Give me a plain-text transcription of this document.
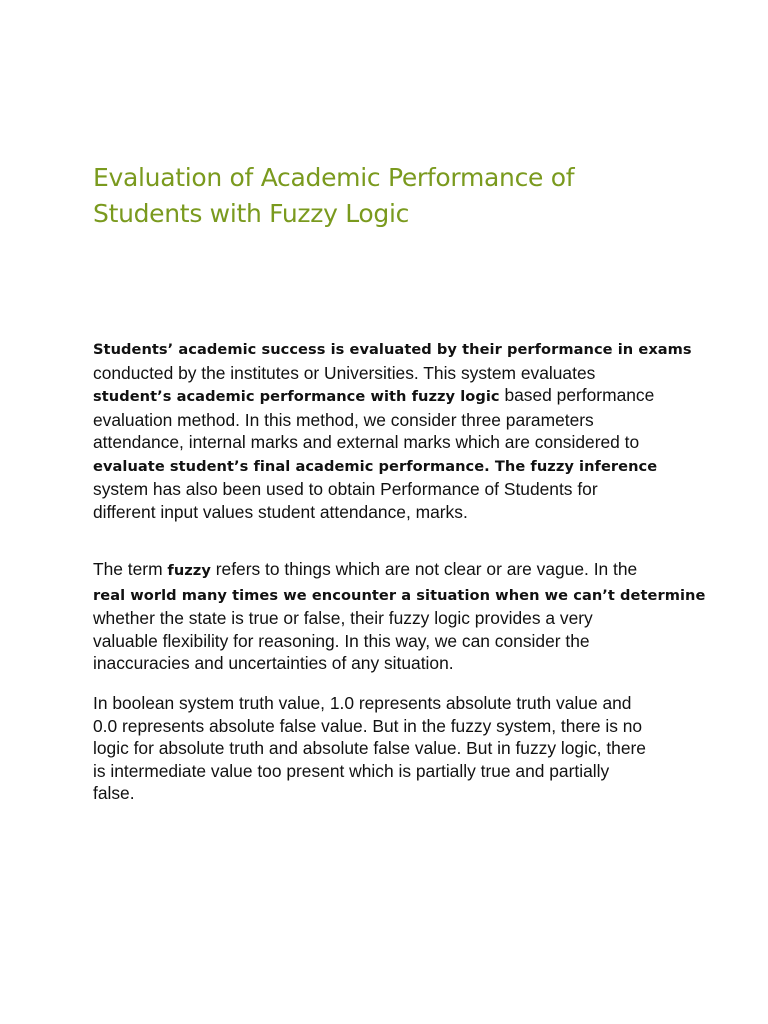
Evaluation of Academic Performance of
Students with Fuzzy Logic

Students’ academic success is evaluated by their performance in exams
conducted by the institutes or Universities. This system evaluates
student’s academic performance with fuzzy logic based performance
evaluation method. In this method, we consider three parameters
attendance, internal marks and external marks which are considered to
evaluate student’s final academic performance. The fuzzy inference
system has also been used to obtain Performance of Students for
different input values student attendance, marks.

The term fuzzy refers to things which are not clear or are vague. In the
real world many times we encounter a situation when we can’t determine
whether the state is true or false, their fuzzy logic provides a very
valuable flexibility for reasoning. In this way, we can consider the
inaccuracies and uncertainties of any situation.

In boolean system truth value, 1.0 represents absolute truth value and
0.0 represents absolute false value. But in the fuzzy system, there is no
logic for absolute truth and absolute false value. But in fuzzy logic, there
is intermediate value too present which is partially true and partially
false.
